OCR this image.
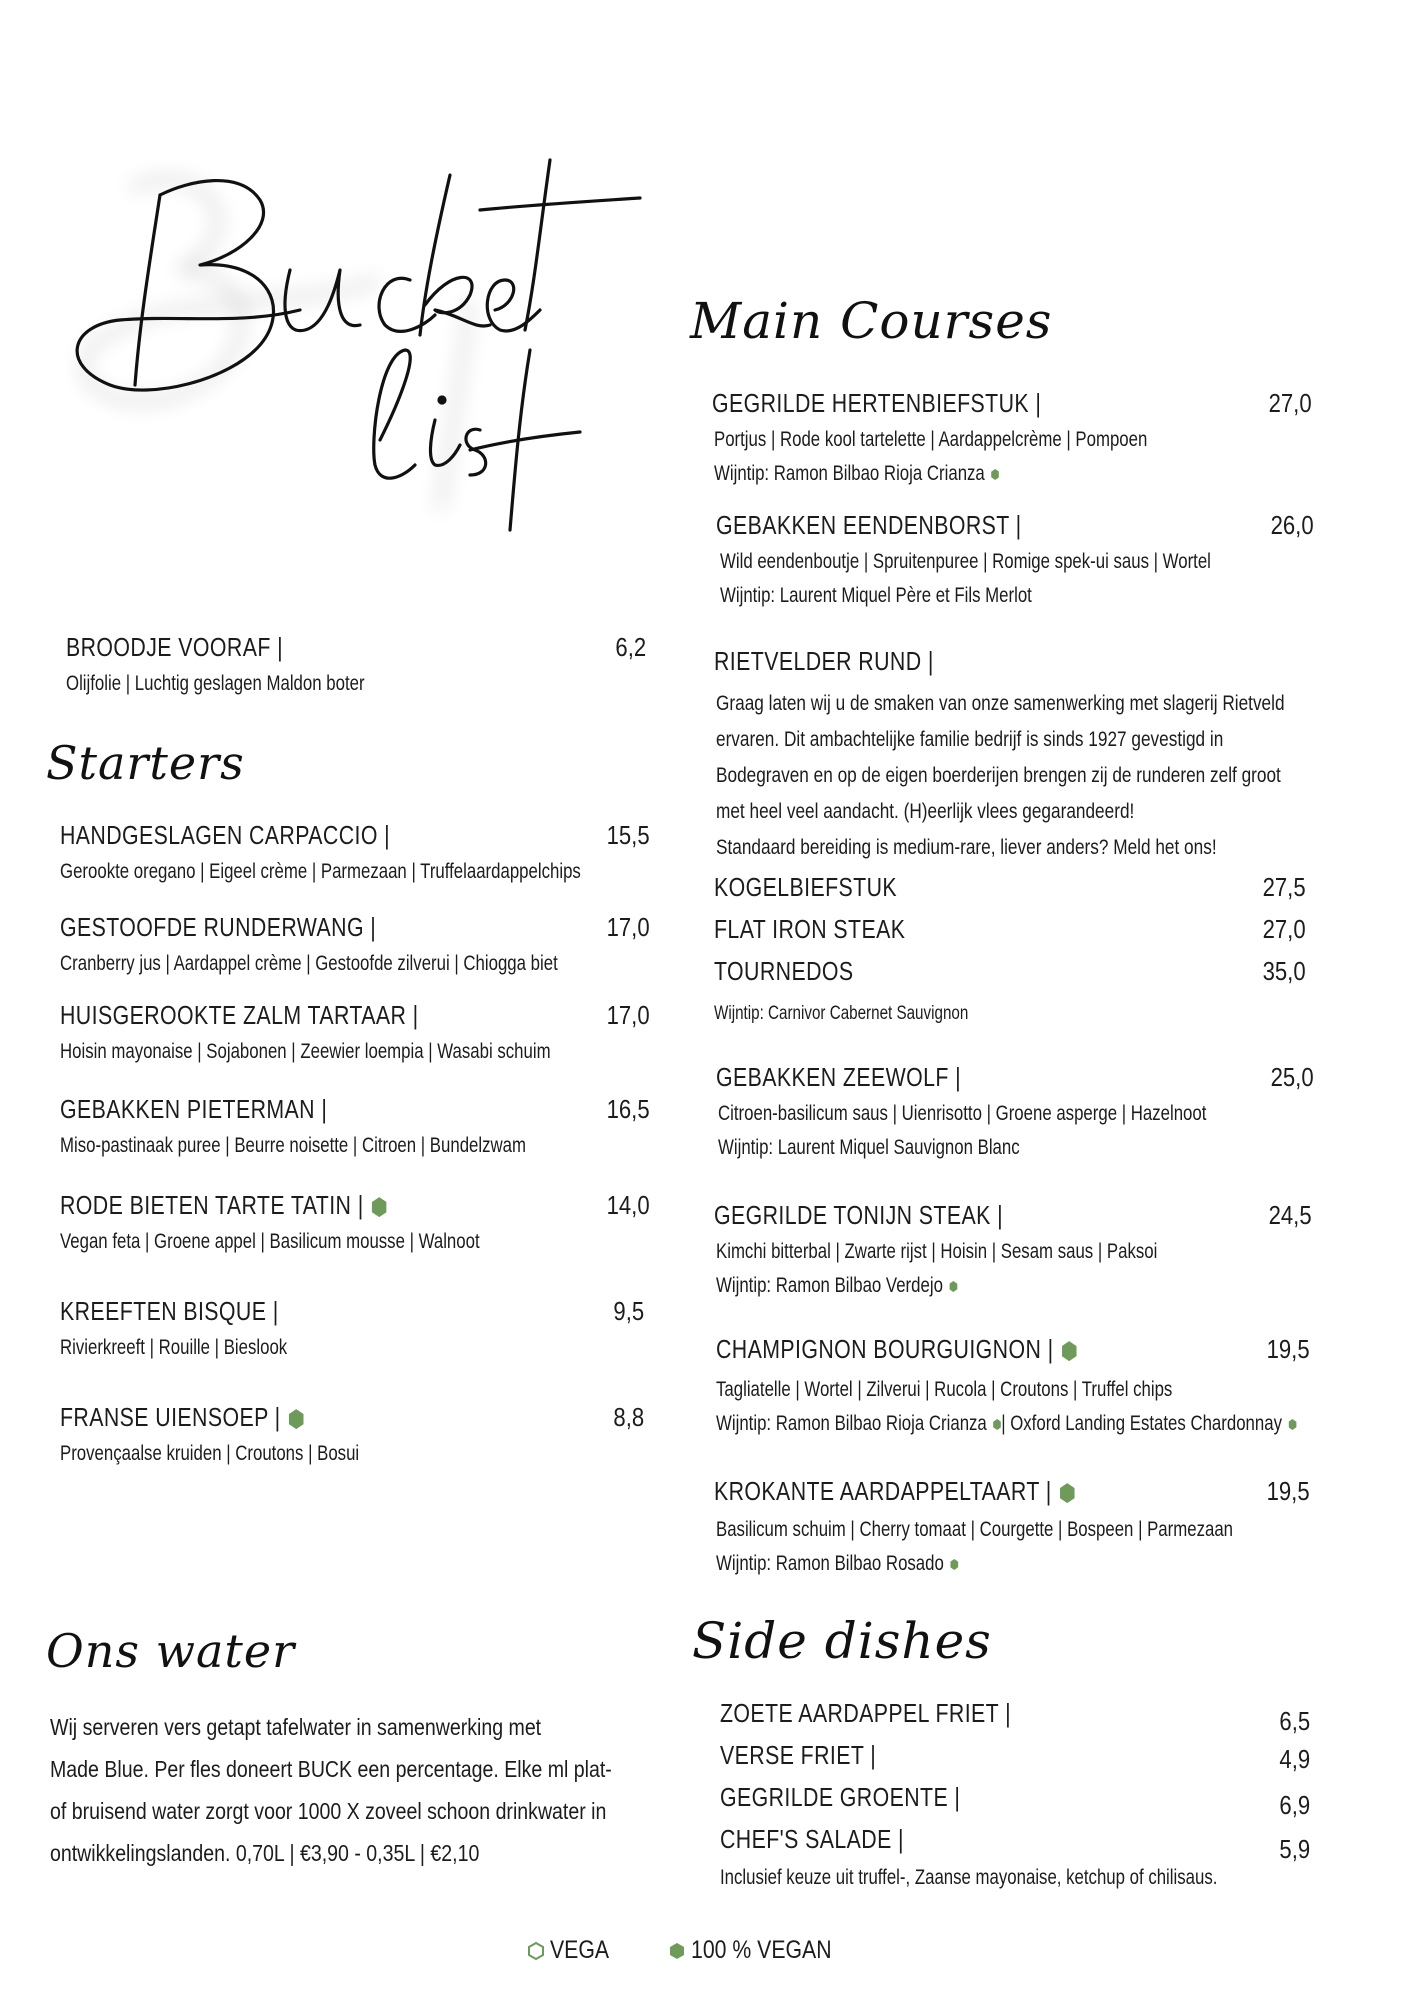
Main Courses
Starters
Ons water	Side dishes
BROODJE VOORAF |	6,2
Olijfolie | Luchtig geslagen Maldon boter
HANDGESLAGEN CARPACCIO |	15,5
Gerookte oregano | Eigeel crème | Parmezaan | Truffelaardappelchips
GESTOOFDE RUNDERWANG |	17,0
Cranberry jus | Aardappel crème | Gestoofde zilverui | Chiogga biet
HUISGEROOKTE ZALM TARTAAR |	17,0
Hoisin mayonaise | Sojabonen | Zeewier loempia | Wasabi schuim
GEBAKKEN PIETERMAN |	16,5
Miso-pastinaak puree | Beurre noisette | Citroen | Bundelzwam
RODE BIETEN TARTE TATIN |	14,0
Vegan feta | Groene appel | Basilicum mousse | Walnoot
KREEFTEN BISQUE |	9,5
Rivierkreeft | Rouille | Bieslook
FRANSE UIENSOEP |	8,8
Provençaalse kruiden | Croutons | Bosui
Wij serveren vers getapt tafelwater in samenwerking met
Made Blue. Per fles doneert BUCK een percentage. Elke ml plat-
of bruisend water zorgt voor 1000 X zoveel schoon drinkwater in
ontwikkelingslanden. 0,70L | €3,90 - 0,35L | €2,10
GEGRILDE HERTENBIEFSTUK |	27,0
Portjus | Rode kool tartelette | Aardappelcrème | Pompoen
Wijntip: Ramon Bilbao Rioja Crianza
GEBAKKEN EENDENBORST |	26,0
Wild eendenboutje | Spruitenpuree | Romige spek-ui saus | Wortel
Wijntip: Laurent Miquel Père et Fils Merlot
RIETVELDER RUND |
Graag laten wij u de smaken van onze samenwerking met slagerij Rietveld
ervaren. Dit ambachtelijke familie bedrijf is sinds 1927 gevestigd in
Bodegraven en op de eigen boerderijen brengen zij de runderen zelf groot
met heel veel aandacht. (H)eerlijk vlees gegarandeerd!
Standaard bereiding is medium-rare, liever anders? Meld het ons!
KOGELBIEFSTUK	27,5
FLAT IRON STEAK	27,0
TOURNEDOS	35,0
Wijntip: Carnivor Cabernet Sauvignon
GEBAKKEN ZEEWOLF |	25,0
Citroen-basilicum saus | Uienrisotto | Groene asperge | Hazelnoot
Wijntip: Laurent Miquel Sauvignon Blanc
GEGRILDE TONIJN STEAK |	24,5
Kimchi bitterbal | Zwarte rijst | Hoisin | Sesam saus | Paksoi
Wijntip: Ramon Bilbao Verdejo
CHAMPIGNON BOURGUIGNON |	19,5
Tagliatelle | Wortel | Zilverui | Rucola | Croutons | Truffel chips
Wijntip: Ramon Bilbao Rioja Crianza | Oxford Landing Estates Chardonnay
KROKANTE AARDAPPELTAART |	19,5
Basilicum schuim | Cherry tomaat | Courgette | Bospeen | Parmezaan
Wijntip: Ramon Bilbao Rosado
ZOETE AARDAPPEL FRIET |	6,5
VERSE FRIET |	4,9
GEGRILDE GROENTE |	6,9
CHEF'S SALADE |	5,9
Inclusief keuze uit truffel-, Zaanse mayonaise, ketchup of chilisaus.
VEGA	100 % VEGAN
